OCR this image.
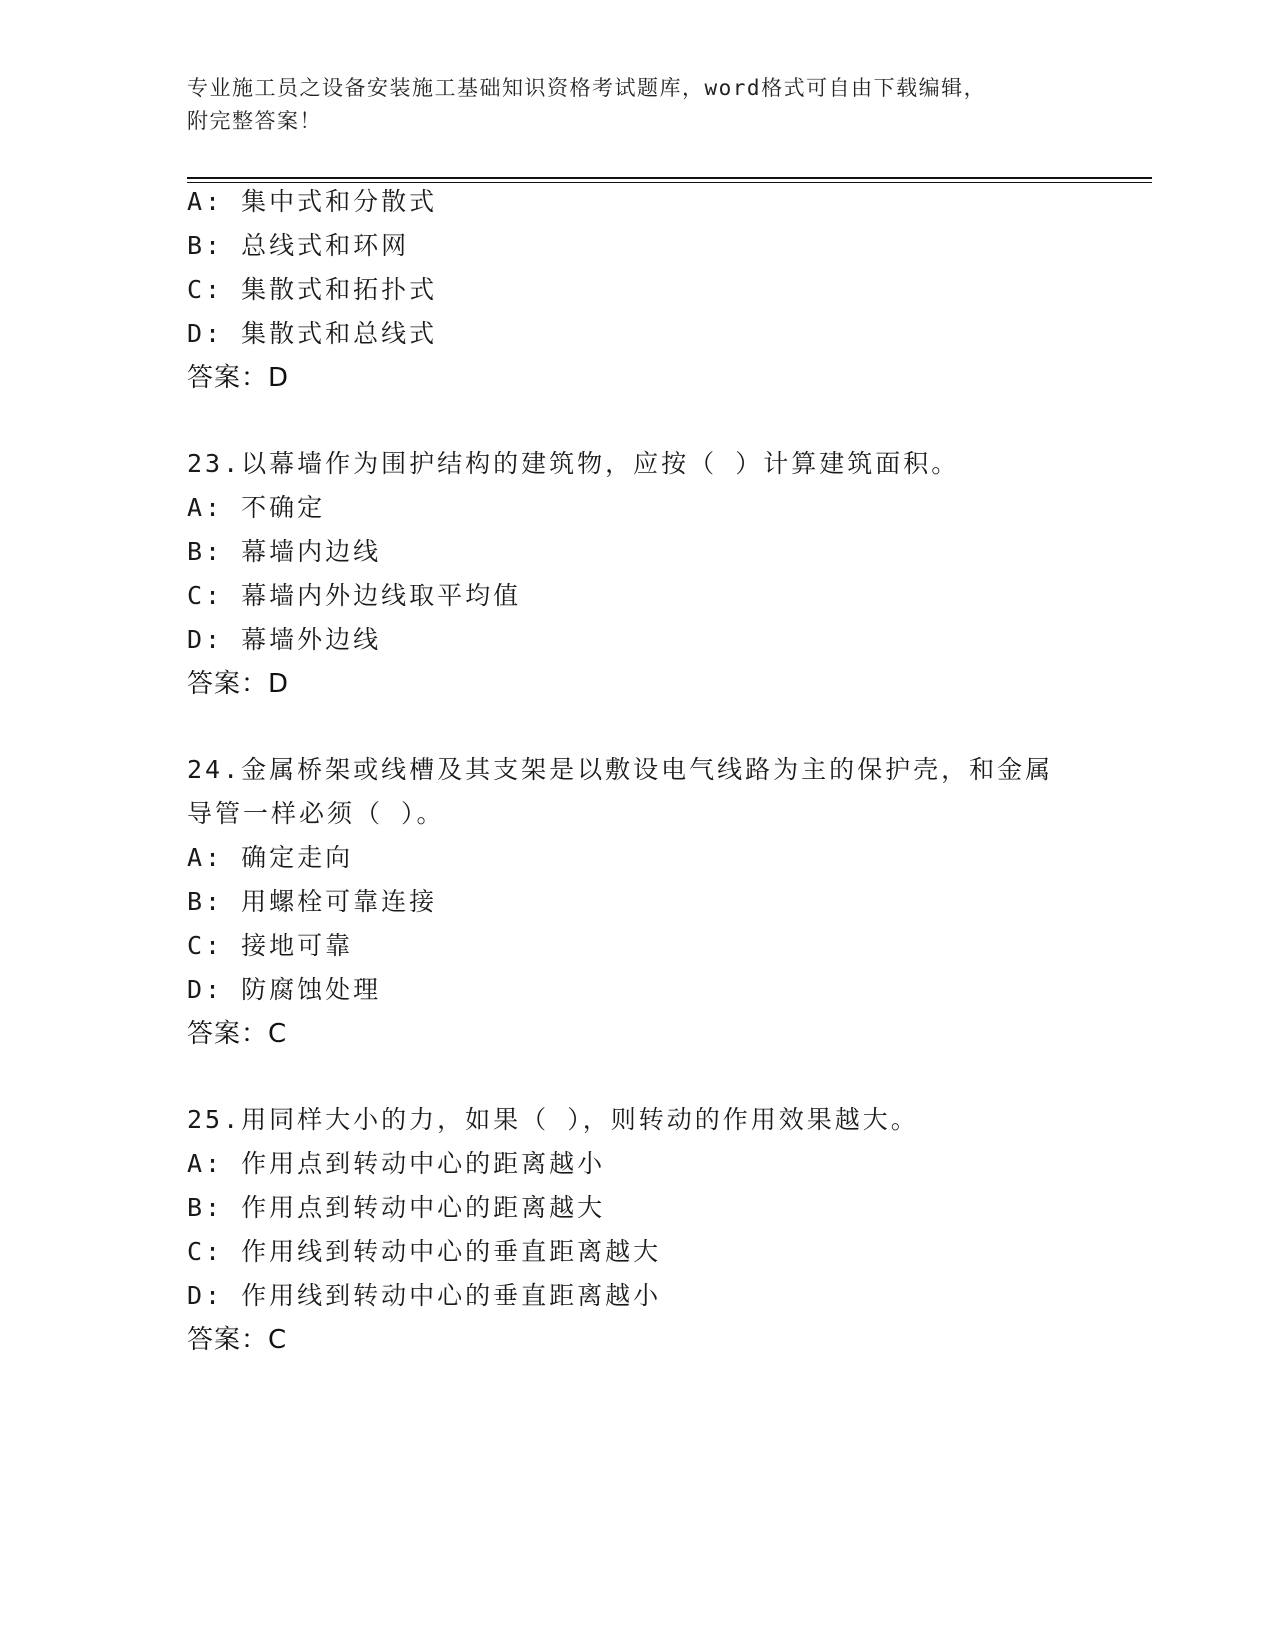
专业施工员之设备安装施工基础知识资格考试题库，word格式可自由下载编辑，
附完整答案！
A: 集中式和分散式
B: 总线式和环网
C: 集散式和拓扑式
D: 集散式和总线式
答案：D
23.以幕墙作为围护结构的建筑物，应按（ ）计算建筑面积。
A: 不确定
B: 幕墙内边线
C: 幕墙内外边线取平均值
D: 幕墙外边线
答案：D
24.金属桥架或线槽及其支架是以敷设电气线路为主的保护壳，和金属
导管一样必须（ ）。
A: 确定走向
B: 用螺栓可靠连接
C: 接地可靠
D: 防腐蚀处理
答案：C
25.用同样大小的力，如果（ ），则转动的作用效果越大。
A: 作用点到转动中心的距离越小
B: 作用点到转动中心的距离越大
C: 作用线到转动中心的垂直距离越大
D: 作用线到转动中心的垂直距离越小
答案：C
